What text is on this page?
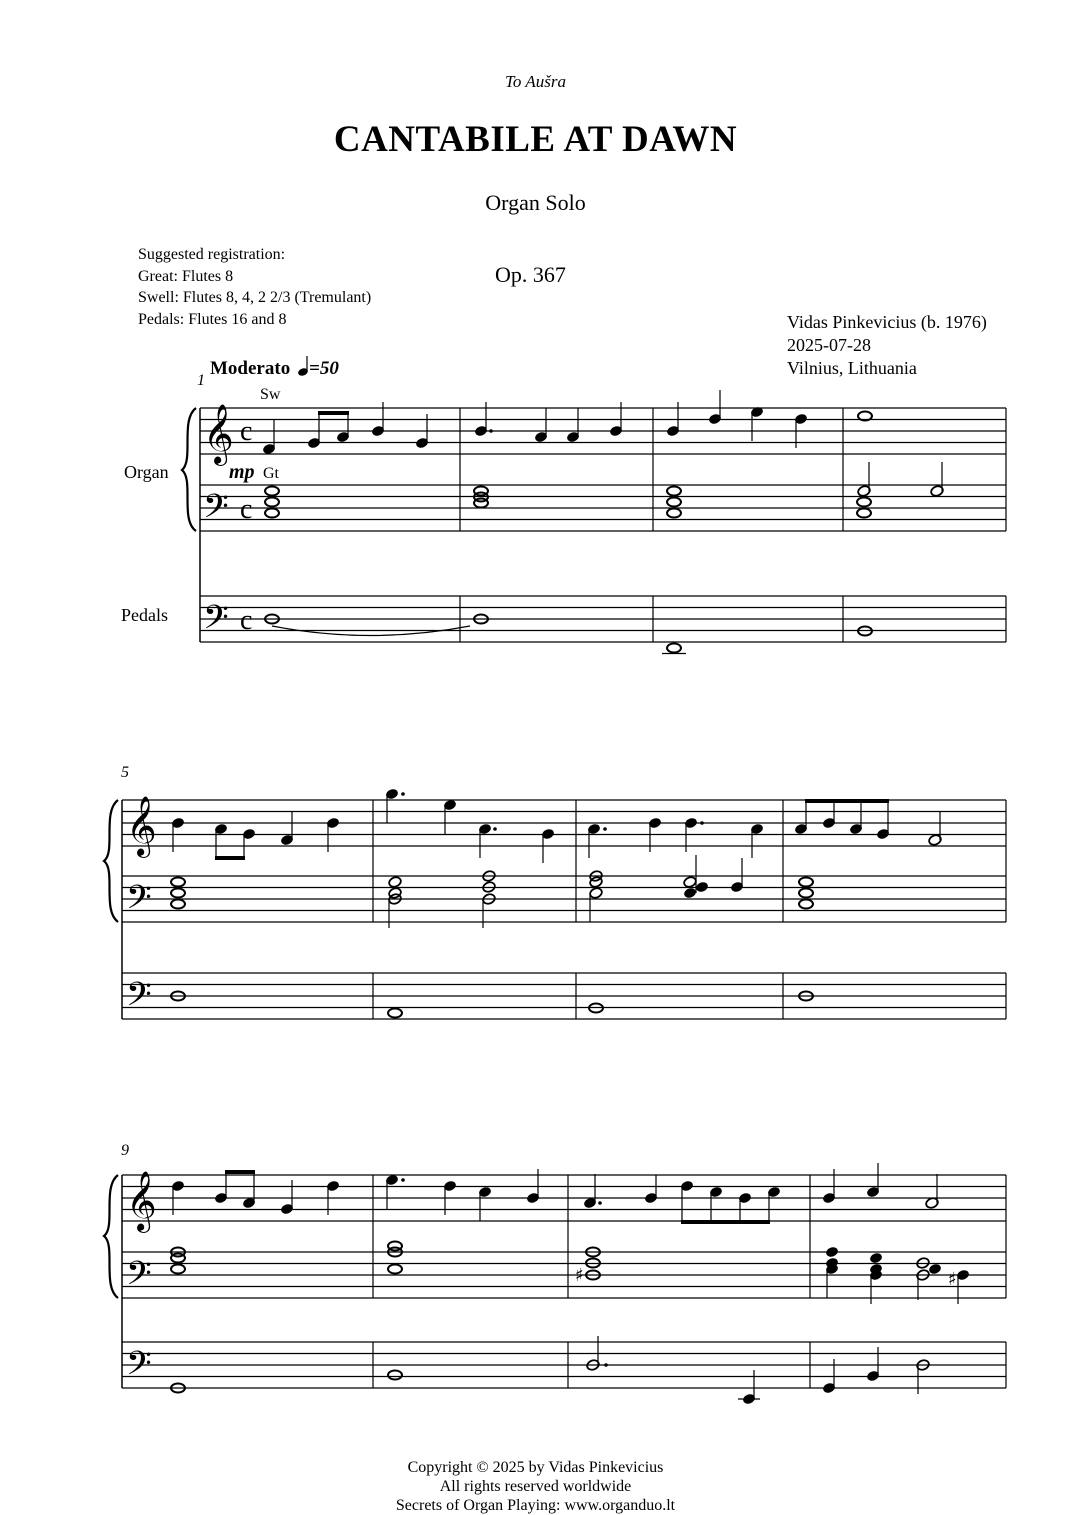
To Aušra
CANTABILE AT DAWN
Organ Solo
Op. 367
Suggested registration:
Great: Flutes 8
Swell: Flutes 8, 4, 2 2/3 (Tremulant)
Pedals: Flutes 16 and 8	Vidas Pinkevicius (b. 1976)
2025-07-28
Vilnius, Lithuania
𝄞
𝄢
𝄢
c
c
c
𝄞
𝄢
𝄢
𝄞
𝄢
𝄢
♯	♯
1
Moderato =50
Sw
mp Gt
Organ
Pedals
5
9
Copyright © 2025 by Vidas Pinkevicius
All rights reserved worldwide
Secrets of Organ Playing: www.organduo.lt
